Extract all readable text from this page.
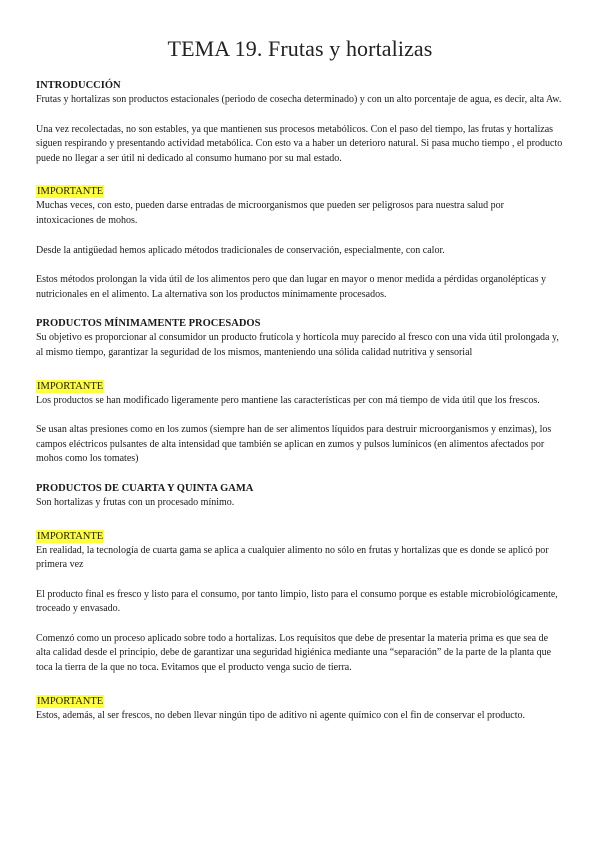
TEMA 19. Frutas y hortalizas

INTRODUCCIÓN

Frutas y hortalizas son productos estacionales (periodo de cosecha determinado) y con un alto porcentaje de agua, es decir, alta Aw.

Una vez recolectadas, no son estables, ya que mantienen sus procesos metabólicos. Con el paso del tiempo, las frutas y hortalizas siguen respirando y presentando actividad metabólica. Con esto va a haber un deterioro natural. Si pasa mucho tiempo , el producto puede no llegar a ser útil ni dedicado al consumo humano por su mal estado.

IMPORTANTE

Muchas veces, con esto, pueden darse entradas de microorganismos que pueden ser peligrosos para nuestra salud por intoxicaciones de mohos.

Desde la antigüedad hemos aplicado métodos tradicionales de conservación, especialmente, con calor.

Estos métodos prolongan la vida útil de los alimentos pero que dan lugar en mayor o menor medida a pérdidas organolépticas y nutricionales en el alimento. La alternativa son los productos mínimamente procesados.

PRODUCTOS MÍNIMAMENTE PROCESADOS

Su objetivo es proporcionar al consumidor un producto frutícola y hortícola muy parecido al fresco con una vida útil prolongada y, al mismo tiempo, garantizar la seguridad de los mismos, manteniendo una sólida calidad nutritiva y sensorial

IMPORTANTE

Los productos se han modificado ligeramente pero mantiene las características per con má tiempo de vida útil que los frescos.

Se usan altas presiones como en los zumos (siempre han de ser alimentos líquidos para destruir microorganismos y enzimas), los campos eléctricos pulsantes de alta intensidad que también se aplican en zumos y pulsos lumínicos (en alimentos afectados por mohos como los tomates)

PRODUCTOS DE CUARTA Y QUINTA GAMA

Son hortalizas y frutas con un procesado mínimo.

IMPORTANTE

En realidad, la tecnología de cuarta gama se aplica a cualquier alimento no sólo en frutas y hortalizas que es donde se aplicó por primera vez

El producto final es fresco y listo para el consumo, por tanto limpio, listo para el consumo porque es estable microbiológicamente, troceado y envasado.

Comenzó como un proceso aplicado sobre todo a hortalizas. Los requisitos que debe de presentar la materia prima es que sea de alta calidad desde el principio, debe de garantizar una seguridad higiénica mediante una “separación” de la parte de la planta que toca la tierra de la que no toca. Evitamos que el producto venga sucio de tierra.

IMPORTANTE

Estos, además, al ser frescos, no deben llevar ningún tipo de aditivo ni agente químico con el fin de conservar el producto.
